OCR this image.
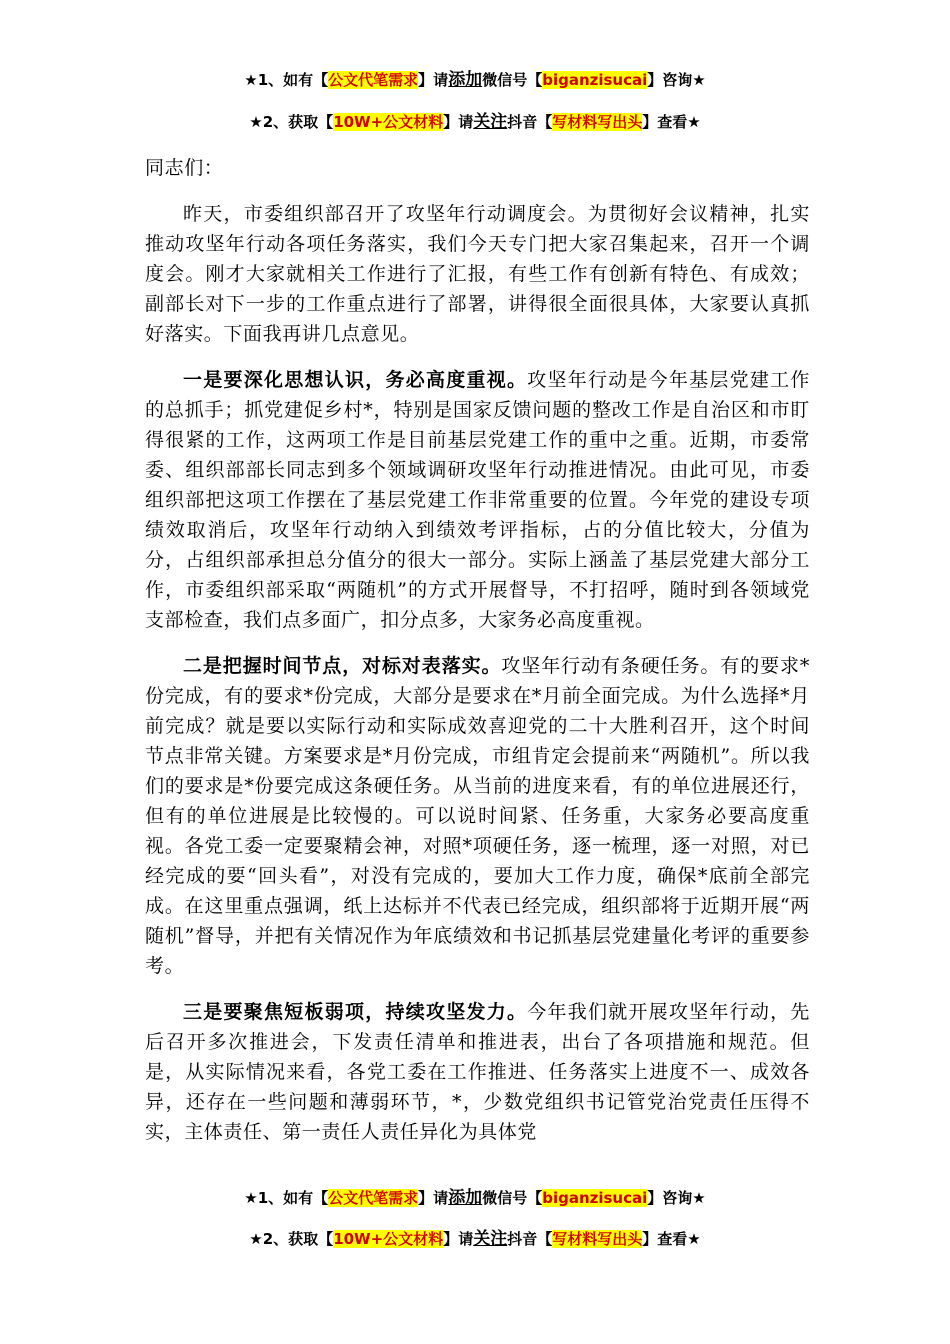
★1、如有【公文代笔需求】请添加微信号【biganzisucai】咨询★
★2、获取【10W+公文材料】请关注抖音【写材料写出头】查看★

同志们：

昨天，市委组织部召开了攻坚年行动调度会。为贯彻好会议精神，扎实推动攻坚年行动各项任务落实，我们今天专门把大家召集起来，召开一个调度会。刚才大家就相关工作进行了汇报，有些工作有创新有特色、有成效；副部长对下一步的工作重点进行了部署，讲得很全面很具体，大家要认真抓好落实。下面我再讲几点意见。

一是要深化思想认识，务必高度重视。攻坚年行动是今年基层党建工作的总抓手；抓党建促乡村*，特别是国家反馈问题的整改工作是自治区和市盯得很紧的工作，这两项工作是目前基层党建工作的重中之重。近期，市委常委、组织部部长同志到多个领域调研攻坚年行动推进情况。由此可见，市委组织部把这项工作摆在了基层党建工作非常重要的位置。今年党的建设专项绩效取消后，攻坚年行动纳入到绩效考评指标，占的分值比较大，分值为分，占组织部承担总分值分的很大一部分。实际上涵盖了基层党建大部分工作，市委组织部采取“两随机”的方式开展督导，不打招呼，随时到各领域党支部检查，我们点多面广，扣分点多，大家务必高度重视。

二是把握时间节点，对标对表落实。攻坚年行动有条硬任务。有的要求*份完成，有的要求*份完成，大部分是要求在*月前全面完成。为什么选择*月前完成？就是要以实际行动和实际成效喜迎党的二十大胜利召开，这个时间节点非常关键。方案要求是*月份完成，市组肯定会提前来“两随机”。所以我们的要求是*份要完成这条硬任务。从当前的进度来看，有的单位进展还行，但有的单位进展是比较慢的。可以说时间紧、任务重，大家务必要高度重视。各党工委一定要聚精会神，对照*项硬任务，逐一梳理，逐一对照，对已经完成的要“回头看”，对没有完成的，要加大工作力度，确保*底前全部完成。在这里重点强调，纸上达标并不代表已经完成，组织部将于近期开展“两随机”督导，并把有关情况作为年底绩效和书记抓基层党建量化考评的重要参考。

三是要聚焦短板弱项，持续攻坚发力。今年我们就开展攻坚年行动，先后召开多次推进会，下发责任清单和推进表，出台了各项措施和规范。但是，从实际情况来看，各党工委在工作推进、任务落实上进度不一、成效各异，还存在一些问题和薄弱环节，*，少数党组织书记管党治党责任压得不实，主体责任、第一责任人责任异化为具体党

★1、如有【公文代笔需求】请添加微信号【biganzisucai】咨询★
★2、获取【10W+公文材料】请关注抖音【写材料写出头】查看★
